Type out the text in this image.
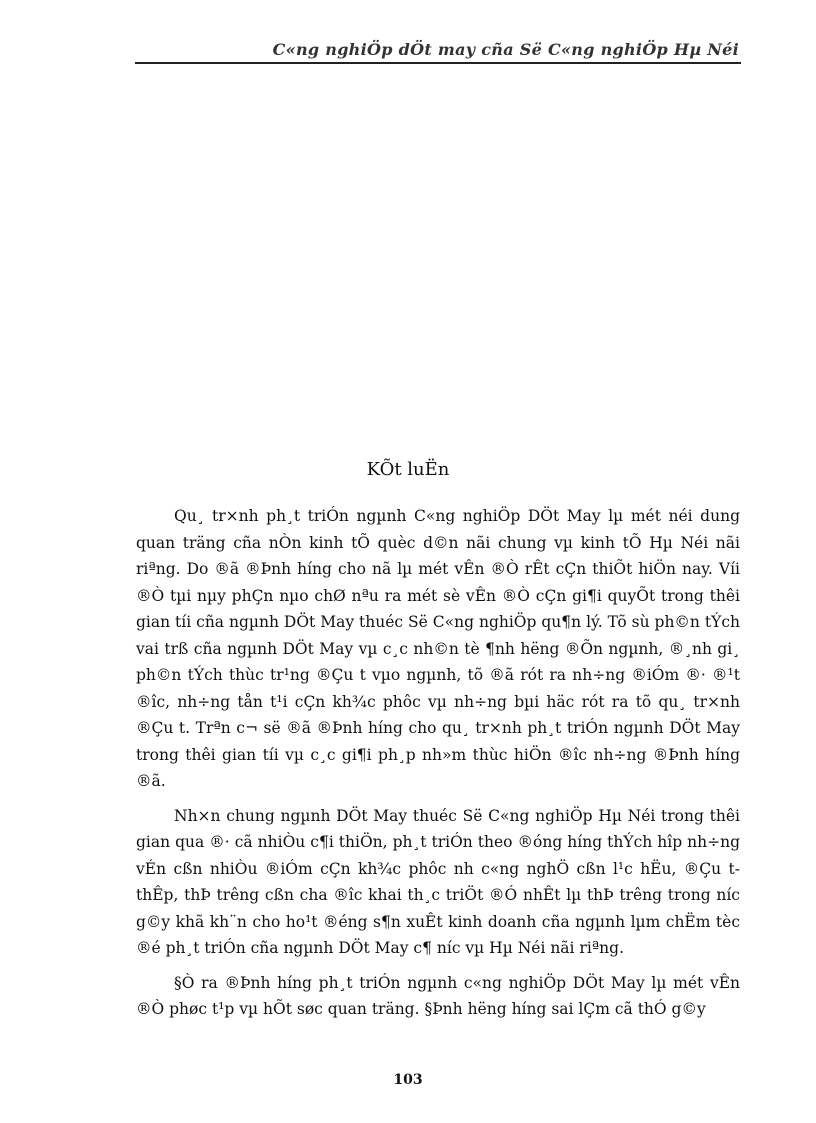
C«ng nghiÖp dÖt may cña Së C«ng nghiÖp Hµ Néi
KÕt luËn

Qu¸ tr×nh ph¸t triÓn ngµnh C«ng nghiÖp DÖt May lµ mét néi dung quan träng cña nÒn kinh tÕ quèc d©n nãi chung vµ kinh tÕ Hµ Néi nãi riªng. Do ®ã ®Þnh híng cho nã lµ mét vÊn ®Ò rÊt cÇn thiÕt hiÖn nay. Víi ®Ò tµi nµy phÇn nµo chØ nªu ra mét sè vÊn ®Ò cÇn gi¶i quyÕt trong thêi gian tíi cña ngµnh DÖt May thuéc Së C«ng nghiÖp qu¶n lý. Tõ sù ph©n tÝch vai trß cña ngµnh DÖt May vµ c¸c nh©n tè ¶nh hëng ®Õn ngµnh, ®¸nh gi¸ ph©n tÝch thùc tr¹ng ®Çu t vµo ngµnh, tõ ®ã rót ra nh÷ng ®iÓm ®· ®¹t ®îc, nh÷ng tån t¹i cÇn kh¾c phôc vµ nh÷ng bµi häc rót ra tõ qu¸ tr×nh ®Çu t. Trªn c¬ së ®ã ®Þnh híng cho qu¸ tr×nh ph¸t triÓn ngµnh DÖt May trong thêi gian tíi vµ c¸c gi¶i ph¸p nh»m thùc hiÖn ®îc nh÷ng ®Þnh híng ®ã.

Nh×n chung ngµnh DÖt May thuéc Së C«ng nghiÖp Hµ Néi trong thêi gian qua ®· cã nhiÒu c¶i thiÖn, ph¸t triÓn theo ®óng híng thÝch hîp nh÷ng vÉn cßn nhiÒu ®iÓm cÇn kh¾c phôc nh c«ng nghÖ cßn l¹c hËu, ®Çu t thÊp, thÞ trêng cßn cha ®îc khai th¸c triÖt ®Ó nhÊt lµ thÞ trêng trong níc g©y khã kh¨n cho ho¹t ®éng s¶n xuÊt kinh doanh cña ngµnh lµm chËm tèc ®é ph¸t triÓn cña ngµnh DÖt May c¶ níc vµ Hµ Néi nãi riªng.

§Ò ra ®Þnh híng ph¸t triÓn ngµnh c«ng nghiÖp DÖt May lµ mét vÊn ®Ò phøc t¹p vµ hÕt søc quan träng. §Þnh hëng híng sai lÇm cã thÓ g©y

103
